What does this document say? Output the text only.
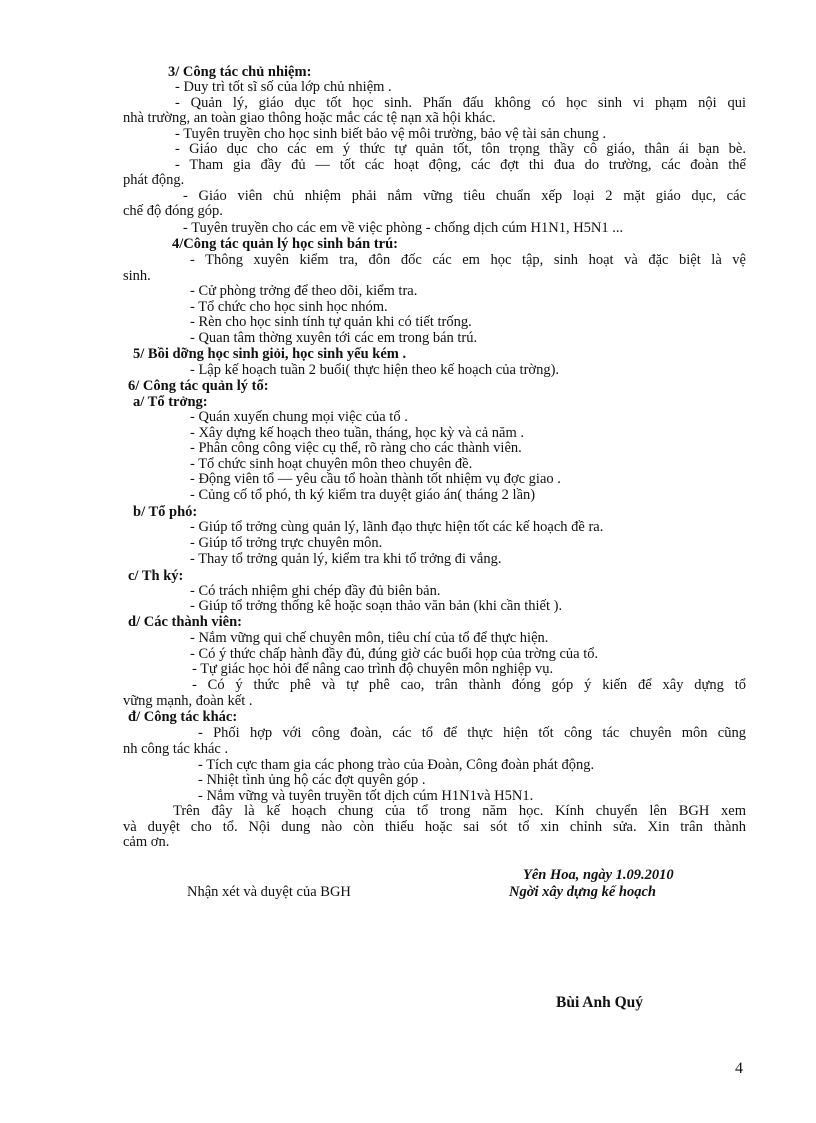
3/ Công tác chủ nhiệm:
- Duy trì tốt sĩ số của lớp chủ nhiệm .
- Quản lý, giáo dục tốt học sinh. Phấn đấu không có học sinh vi phạm nội qui
nhà trường, an toàn giao thông hoặc mắc các tệ nạn xã hội khác.
- Tuyên truyền cho học sinh biết bảo vệ môi trường, bảo vệ tài sản chung .
- Giáo dục cho các em ý thức tự quản tốt, tôn trọng thầy cô giáo, thân ái bạn bè.
- Tham gia đầy đủ — tốt các hoạt động, các đợt thi đua do trường, các đoàn thể
phát động.
- Giáo viên chủ nhiệm phải nắm vững tiêu chuẩn xếp loại 2 mặt giáo dục, các
chế độ đóng góp.
- Tuyên truyền cho các em về việc phòng - chống dịch cúm H1N1, H5N1 ...
4/Công tác quản lý học sinh bán trú:
- Thông xuyên kiểm tra, đôn đốc các em học tập, sinh hoạt và đặc biệt là vệ
sinh.
- Cử phòng trởng để theo dõi, kiểm tra.
- Tổ chức cho học sinh học nhóm.
- Rèn cho học sinh tính tự quản khi có tiết trống.
- Quan tâm thờng xuyên tới các em trong bán trú.
5/ Bồi dỡng học sinh giỏi, học sinh yếu kém .
- Lập kế hoạch tuần 2 buổi( thực hiện theo kế hoạch của trờng).
6/ Công tác quản lý tổ:
a/ Tổ trởng:
- Quán xuyến chung mọi việc của tổ .
- Xây dựng kế hoạch theo tuần, tháng, học kỳ và cả năm .
- Phân công công việc cụ thể, rõ ràng cho các thành viên.
- Tổ chức sinh hoạt chuyên môn theo chuyên đề.
- Động viên tổ — yêu cầu tổ hoàn thành tốt nhiệm vụ đợc giao .
- Củng cố tổ phó, th ký kiểm tra duyệt giáo án( tháng 2 lần)
b/ Tổ phó:
- Giúp tổ trởng cùng quản lý, lãnh đạo thực hiện tốt các kế hoạch đề ra.
- Giúp tổ trởng trực chuyên môn.
- Thay tổ trởng quản lý, kiểm tra khi tổ trởng đi vắng.
c/ Th ký:
- Có trách nhiệm ghi chép đầy đủ biên bản.
- Giúp tổ trởng thống kê hoặc soạn thảo văn bản (khi cần thiết ).
d/ Các thành viên:
- Nắm vững qui chế chuyên môn, tiêu chí của tổ để thực hiện.
- Có ý thức chấp hành đầy đủ, đúng giờ các buổi họp của trờng của tổ.
- Tự giác học hỏi để nâng cao trình độ chuyên môn nghiệp vụ.
- Có ý thức phê và tự phê cao, trân thành đóng góp ý kiến để xây dựng tổ
vững mạnh, đoàn kết .
đ/ Công tác khác:
- Phối hợp với công đoàn, các tổ để thực hiện tốt công tác chuyên môn cũng
nh công tác khác .
- Tích cực tham gia các phong trào của Đoàn, Công đoàn phát động.
- Nhiệt tình ủng hộ các đợt quyên góp .
- Nắm vững và tuyên truyền tốt dịch cúm H1N1và H5N1.
Trên đây là kế hoạch chung của tổ trong năm học. Kính chuyển lên BGH xem
và duyệt cho tổ. Nội dung nào còn thiếu hoặc sai sót tổ xin chỉnh sửa. Xin trân thành
cảm ơn.
Yên Hoa, ngày 1.09.2010
Nhận xét và duyệt của BGH	Ngời xây dựng kế hoạch
Bùi Anh Quý
4
